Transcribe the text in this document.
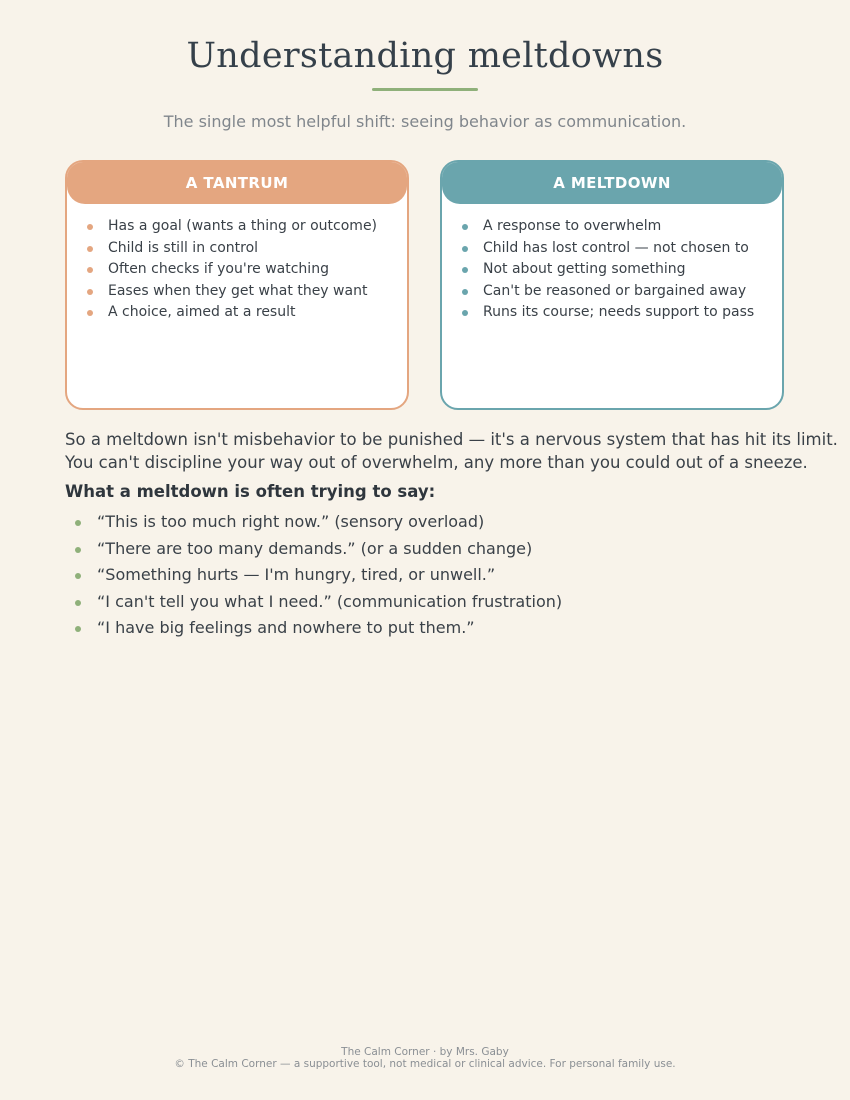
Understanding meltdowns
The single most helpful shift: seeing behavior as communication.
A TANTRUM
Has a goal (wants a thing or outcome)
Child is still in control
Often checks if you're watching
Eases when they get what they want
A choice, aimed at a result
A MELTDOWN
A response to overwhelm
Child has lost control — not chosen to
Not about getting something
Can't be reasoned or bargained away
Runs its course; needs support to pass
So a meltdown isn't misbehavior to be punished — it's a nervous system that has hit its limit.
You can't discipline your way out of overwhelm, any more than you could out of a sneeze.
What a meltdown is often trying to say:
“This is too much right now.” (sensory overload)
“There are too many demands.” (or a sudden change)
“Something hurts — I'm hungry, tired, or unwell.”
“I can't tell you what I need.” (communication frustration)
“I have big feelings and nowhere to put them.”
The Calm Corner · by Mrs. Gaby
© The Calm Corner — a supportive tool, not medical or clinical advice. For personal family use.
